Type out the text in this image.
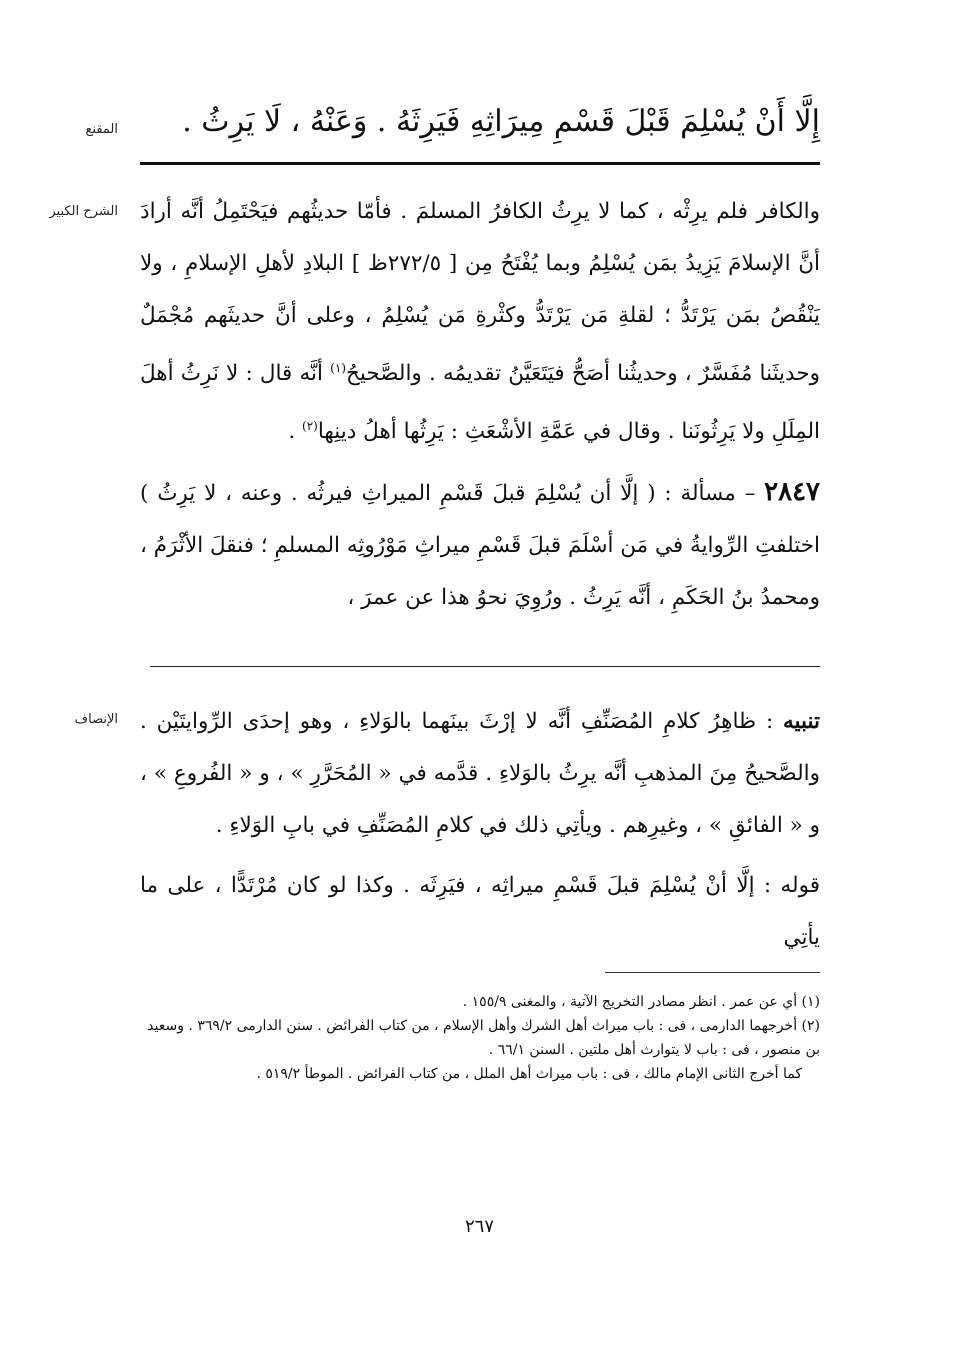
المقنع
الشرح الكبير
الإنصاف
إِلَّا أَنْ يُسْلِمَ قَبْلَ قَسْمِ مِيرَاثِهِ فَيَرِثَهُ . وَعَنْهُ ، لَا يَرِثُ .

والكافر فلم يرِثْه ، كما لا يرِثُ الكافرُ المسلمَ . فأمّا حديثُهم فيَحْتَمِلُ أنَّه أرادَ أنَّ الإسلامَ يَزِيدُ بمَن يُسْلِمُ وبما يُفْتَحُ مِن [ ٢٧٢/٥ظ ] البلادِ لأهلِ الإسلامِ ، ولا يَنْقُصُ بمَن يَرْتَدُّ ؛ لقلةِ مَن يَرْتَدُّ وكثْرةِ مَن يُسْلِمُ ، وعلى أنَّ حديثَهم مُجْمَلٌ وحديثَنا مُفَسَّرٌ ، وحديثُنا أصَحُّ فيَتَعَيَّنُ تقديمُه . والصَّحيحُ$^{(١)}$ أنَّه قال : لا نَرِثُ أهلَ المِلَلِ ولا يَرِثُونَنا . وقال في عَمَّةِ الأشْعَثِ : يَرِثُها أهلُ دينِها$^{(٢)}$ .

٢٨٤٧ – مسألة : ( إلَّا أن يُسْلِمَ قبلَ قَسْمِ الميراثِ فيرثُه . وعنه ، لا يَرِثُ ) اختلفتِ الرِّوايةُ في مَن أسْلَمَ قبلَ قَسْمِ ميراثِ مَوْرُوثِه المسلمِ ؛ فنقلَ الأثْرَمُ ، ومحمدُ بنُ الحَكَمِ ، أنَّه يَرِثُ . ورُوِيَ نحوُ هذا عن عمرَ ،

تنبيه : ظاهِرُ كلامِ المُصَنِّفِ أنَّه لا إرْثَ بينَهما بالوَلاءِ ، وهو إحدَى الرِّوايتَيْن . والصَّحيحُ مِنَ المذهبِ أنَّه يرِثُ بالوَلاءِ . قدَّمه في « المُحَرَّرِ » ، و « الفُروعِ » ، و « الفائقِ » ، وغيرِهم . ويأتِي ذلك في كلامِ المُصَنِّفِ في بابِ الوَلاءِ .

قوله : إلَّا أنْ يُسْلِمَ قبلَ قَسْمِ ميراثِه ، فيَرِثَه . وكذا لو كان مُرْتَدًّا ، على ما يأتِي

(١) أي عن عمر . انظر مصادر التخريج الآتية ، والمغنى ١٥٥/٩ .

(٢) أخرجهما الدارمى ، فى : باب ميراث أهل الشرك وأهل الإسلام ، من كتاب الفرائض . سنن الدارمى ٣٦٩/٢ . وسعيد بن منصور ، فى : باب لا يتوارث أهل ملتين . السنن ٦٦/١ .

كما أخرج الثانى الإمام مالك ، فى : باب ميراث أهل الملل ، من كتاب الفرائض . الموطأ ٥١٩/٢ .

٢٦٧
